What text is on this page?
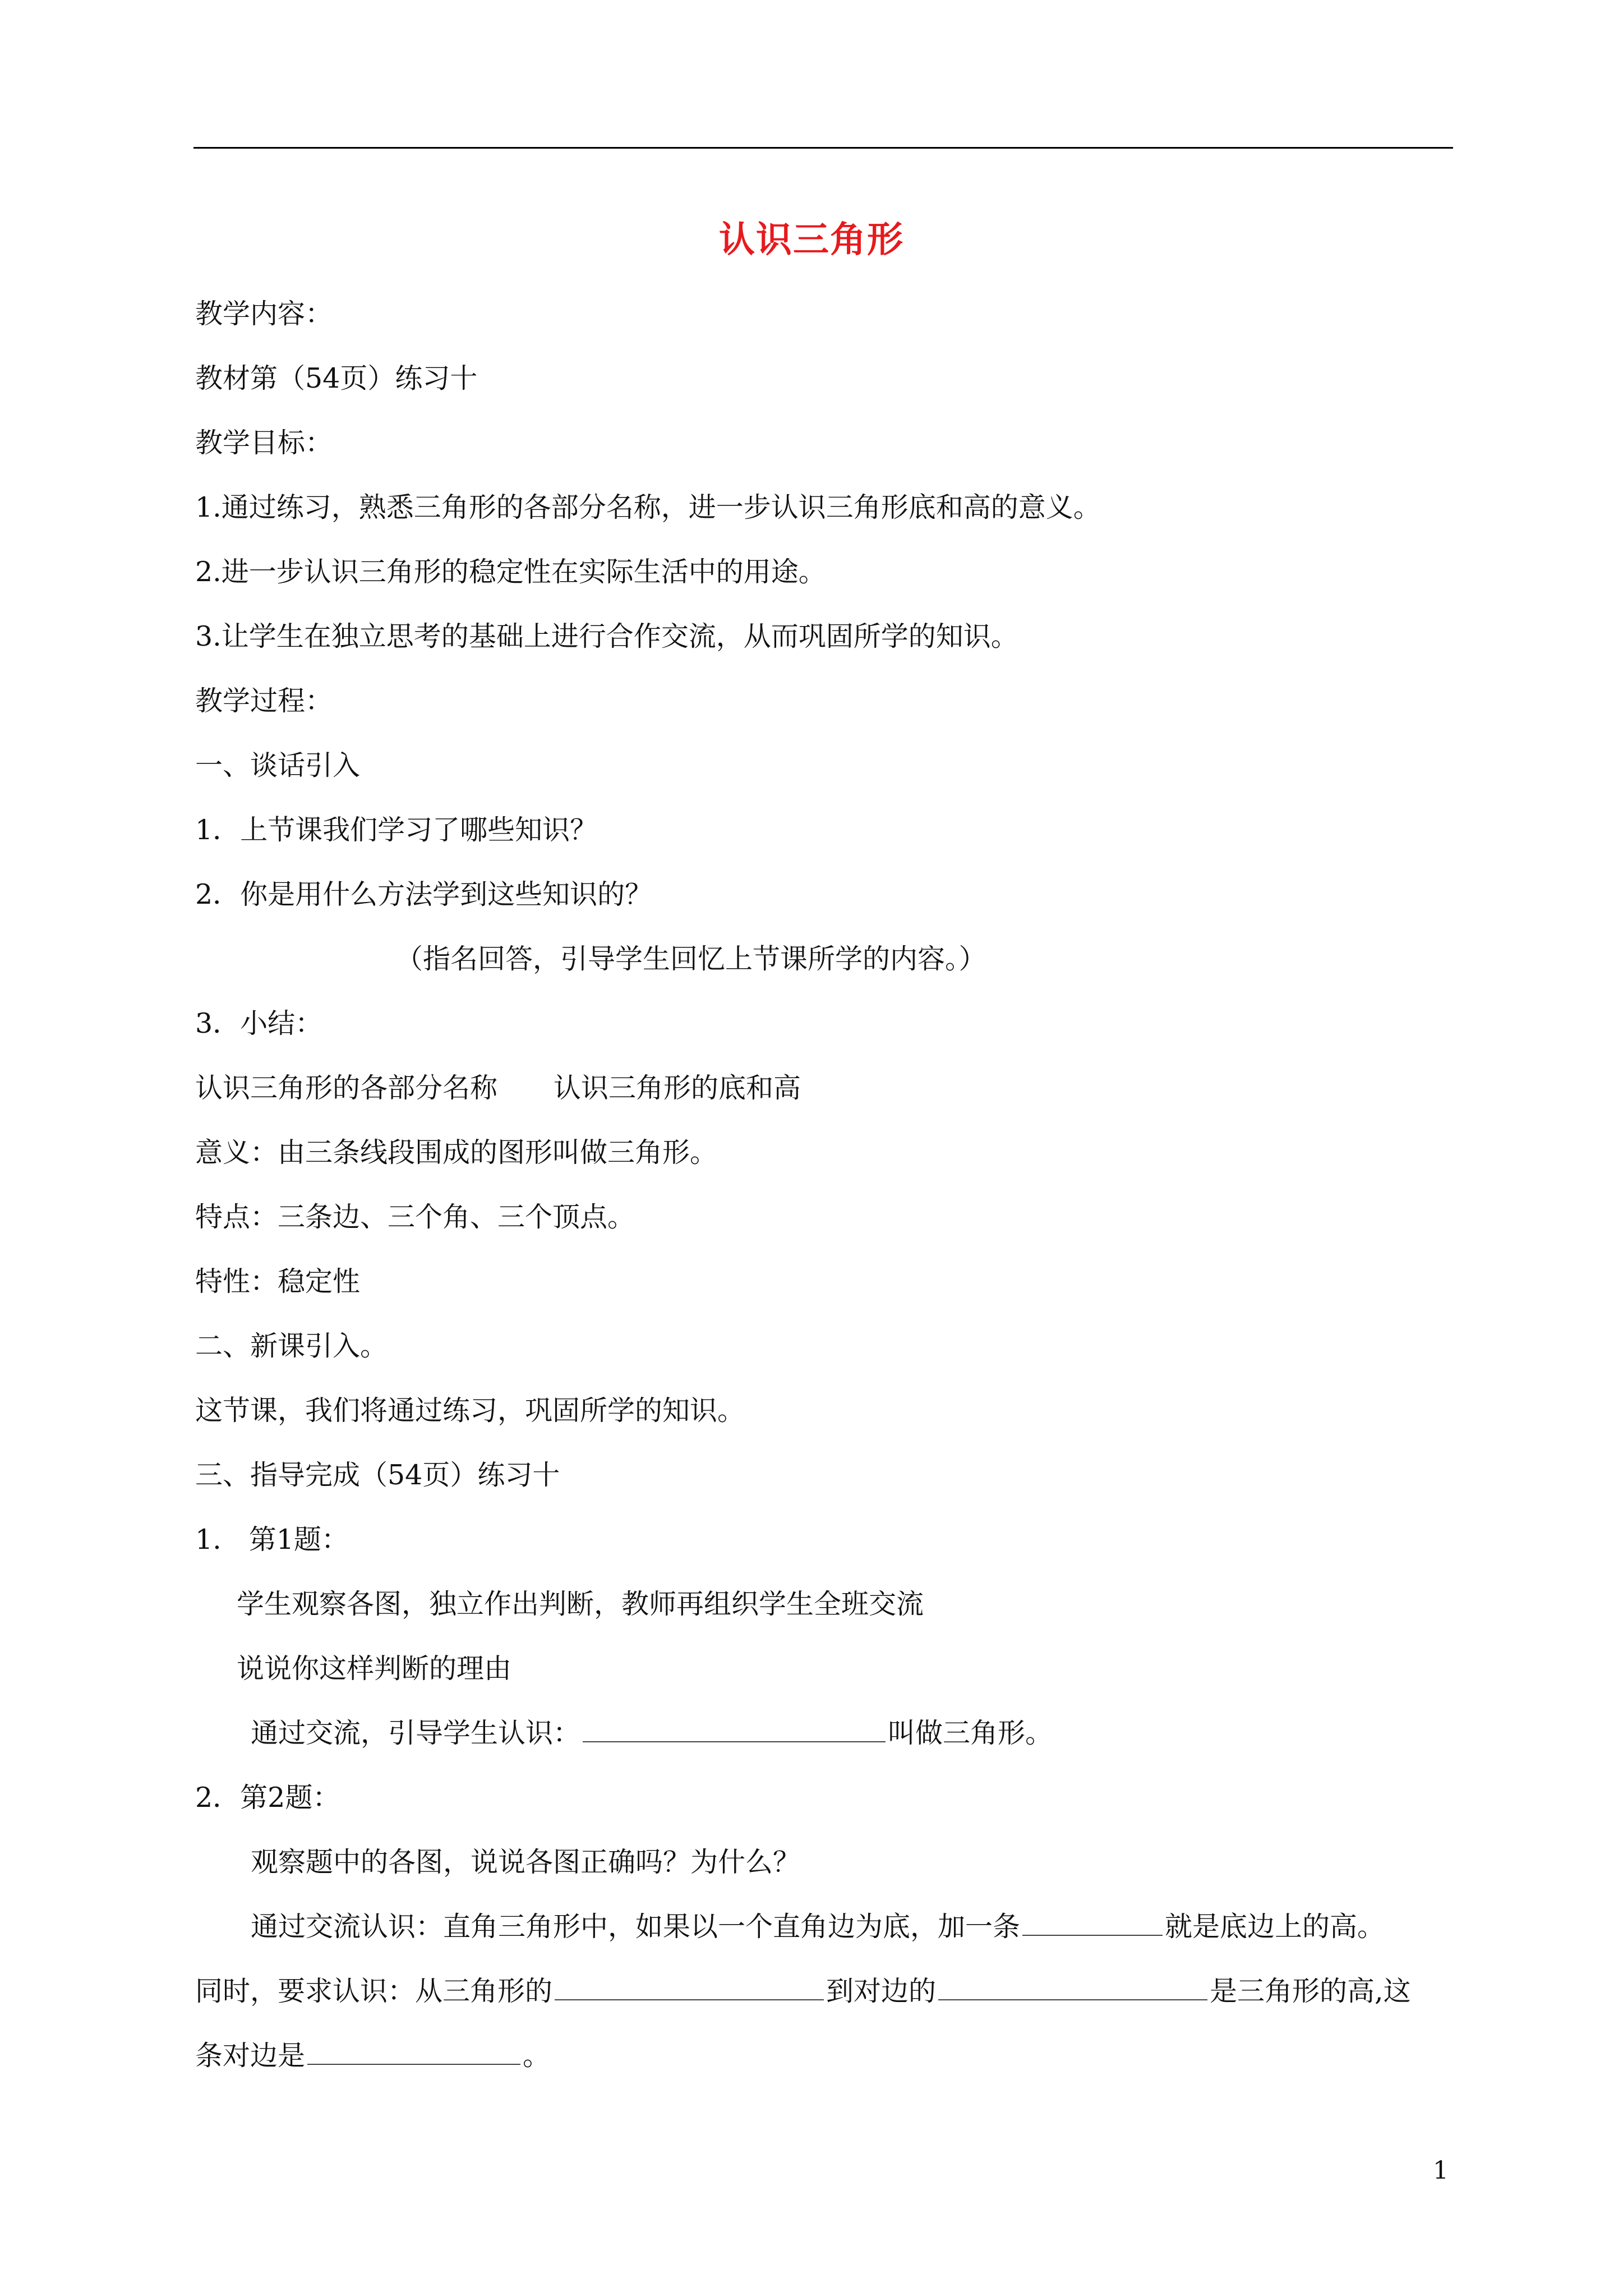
认识三角形
教学内容：
教材第（54页）练习十
教学目标：
1.通过练习，熟悉三角形的各部分名称，进一步认识三角形底和高的意义。
2.进一步认识三角形的稳定性在实际生活中的用途。
3.让学生在独立思考的基础上进行合作交流，从而巩固所学的知识。
教学过程：
一、谈话引入
1．上节课我们学习了哪些知识？
2．你是用什么方法学到这些知识的？
（指名回答，引导学生回忆上节课所学的内容。）
3．小结：
认识三角形的各部分名称 认识三角形的底和高
意义：由三条线段围成的图形叫做三角形。
特点：三条边、三个角、三个顶点。
特性：稳定性
二、新课引入。
这节课，我们将通过练习，巩固所学的知识。
三、指导完成（54页）练习十
1.　第1题：
学生观察各图，独立作出判断，教师再组织学生全班交流
说说你这样判断的理由
通过交流，引导学生认识：	叫做三角形。
2．第2题：
观察题中的各图，说说各图正确吗？为什么？
通过交流认识：直角三角形中，如果以一个直角边为底，加一条	就是底边上的高。
同时，要求认识：从三角形的	到对边的	是三角形的高,这
条对边是	。
1
